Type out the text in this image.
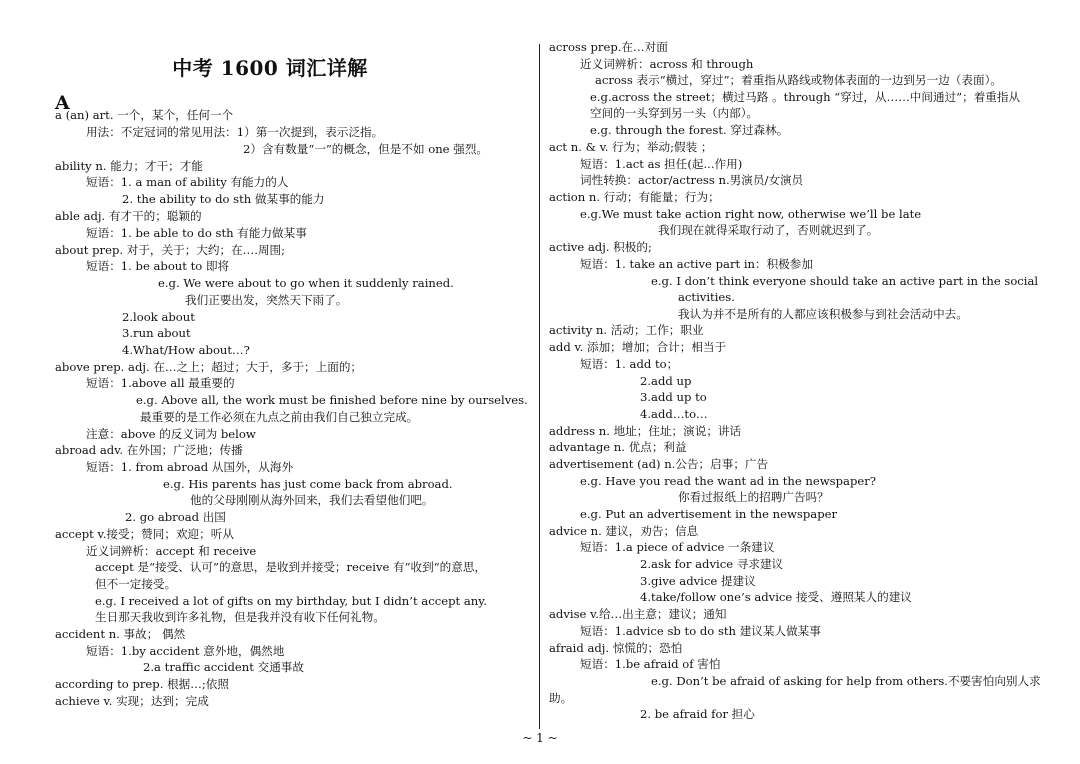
中考 1600 词汇详解
A
a (an) art. 一个，某个，任何一个
用法：不定冠词的常见用法：1）第一次提到，表示泛指。
2）含有数量“一”的概念，但是不如 one 强烈。
ability n. 能力；才干；才能
短语：1. a man of ability 有能力的人
2. the ability to do sth 做某事的能力
able adj. 有才干的；聪颖的
短语：1. be able to do sth 有能力做某事
about prep. 对于，关于；大约；在….周围;
短语：1. be about to 即将
e.g. We were about to go when it suddenly rained.
我们正要出发，突然天下雨了。
2.look about
3.run about
4.What/How about…?
above prep. adj. 在…之上；超过；大于，多于；上面的；
短语：1.above all 最重要的
e.g. Above all, the work must be finished before nine by ourselves.
最重要的是工作必须在九点之前由我们自己独立完成。
注意：above 的反义词为 below
abroad adv. 在外国；广泛地；传播
短语：1. from abroad 从国外，从海外
e.g. His parents has just come back from abroad.
他的父母刚刚从海外回来，我们去看望他们吧。
2. go abroad 出国
accept v.接受；赞同；欢迎；听从
近义词辨析：accept 和 receive
accept 是“接受、认可”的意思，是收到并接受；receive 有”收到“的意思，
但不一定接受。
e.g. I received a lot of gifts on my birthday, but I didn’t accept any.
生日那天我收到许多礼物，但是我并没有收下任何礼物。
accident n. 事故； 偶然
短语：1.by accident 意外地，偶然地
2.a traffic accident 交通事故
according to prep. 根据…;依照
achieve v. 实现；达到；完成
across prep.在…对面
近义词辨析：across 和 through
across 表示“横过，穿过”；着重指从路线或物体表面的一边到另一边（表面）。
e.g.across the street；横过马路 。through “穿过，从……中间通过”；着重指从
空间的一头穿到另一头（内部）。
e.g. through the forest. 穿过森林。
act n. & v. 行为；举动;假装 ；
短语：1.act as 担任(起...作用)
词性转换：actor/actress n.男演员/女演员
action n. 行动；有能量；行为；
e.g.We must take action right now, otherwise we’ll be late
我们现在就得采取行动了，否则就迟到了。
active adj. 积极的;
短语：1. take an active part in：积极参加
e.g. I don’t think everyone should take an active part in the social
activities.
我认为并不是所有的人都应该积极参与到社会活动中去。
activity n. 活动；工作；职业
add v. 添加；增加；合计；相当于
短语：1. add to；
2.add up
3.add up to
4.add…to…
address n. 地址；住址；演说；讲话
advantage n. 优点；利益
advertisement (ad) n.公告；启事；广告
e.g. Have you read the want ad in the newspaper?
你看过报纸上的招聘广告吗？
e.g. Put an advertisement in the newspaper
advice n. 建议，劝告；信息
短语：1.a piece of advice 一条建议
2.ask for advice 寻求建议
3.give advice 提建议
4.take/follow one’s advice 接受、遵照某人的建议
advise v.给…出主意；建议；通知
短语：1.advice sb to do sth 建议某人做某事
afraid adj. 惊慌的；恐怕
短语：1.be afraid of 害怕
e.g. Don’t be afraid of asking for help from others.不要害怕向别人求
助。
2. be afraid for 担心
~ 1 ~
